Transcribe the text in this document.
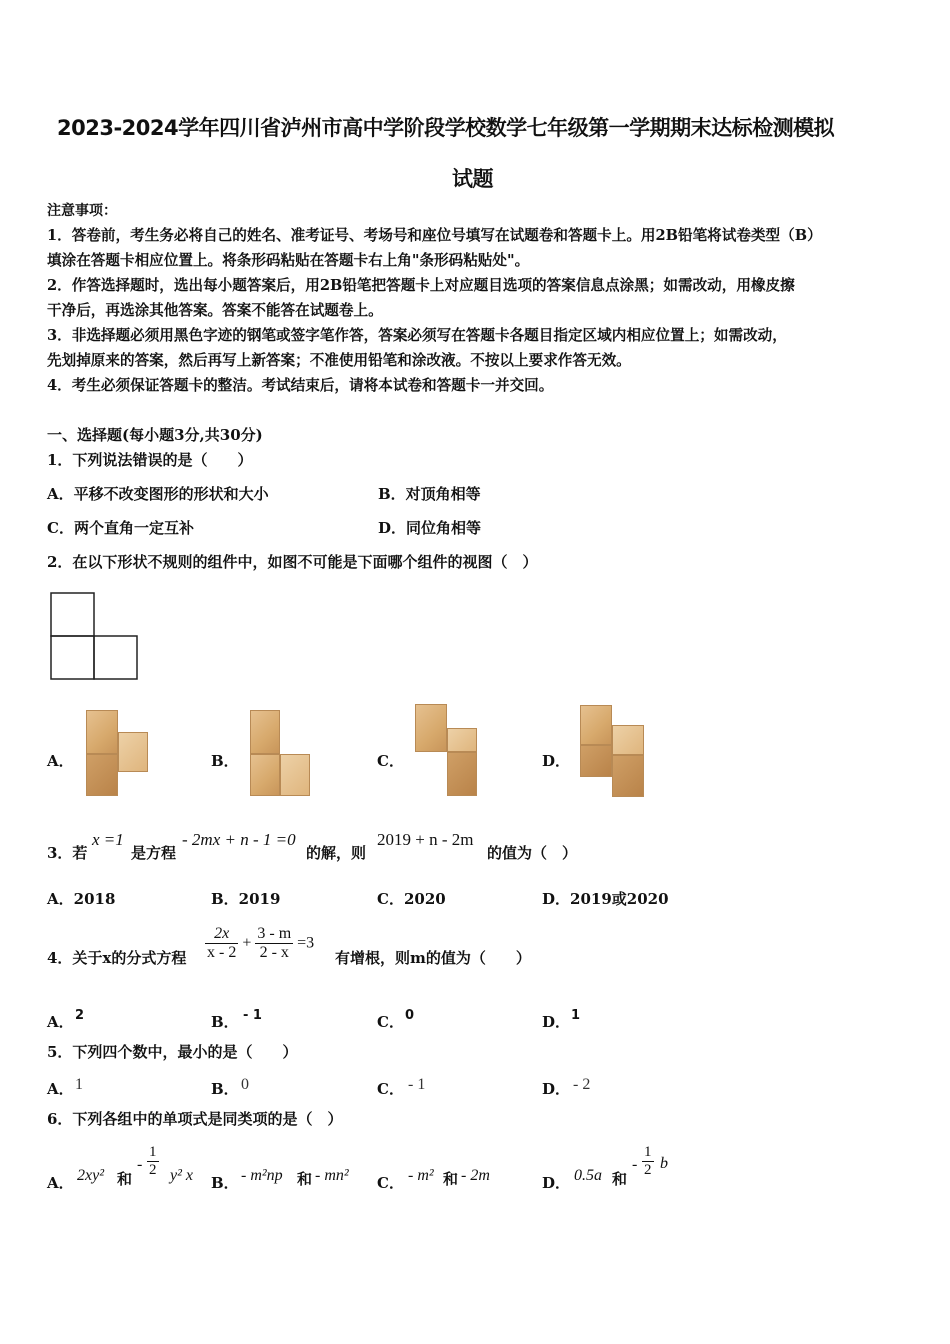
2023-2024学年四川省泸州市高中学阶段学校数学七年级第一学期期末达标检测模拟
试题
注意事项：
1．答卷前，考生务必将自己的姓名、准考证号、考场号和座位号填写在试题卷和答题卡上。用2B铅笔将试卷类型（B）
填涂在答题卡相应位置上。将条形码粘贴在答题卡右上角"条形码粘贴处"。
2．作答选择题时，选出每小题答案后，用2B铅笔把答题卡上对应题目选项的答案信息点涂黑；如需改动，用橡皮擦
干净后，再选涂其他答案。答案不能答在试题卷上。
3．非选择题必须用黑色字迹的钢笔或签字笔作答，答案必须写在答题卡各题目指定区域内相应位置上；如需改动，
先划掉原来的答案，然后再写上新答案；不准使用铅笔和涂改液。不按以上要求作答无效。
4．考生必须保证答题卡的整洁。考试结束后，请将本试卷和答题卡一并交回。
一、选择题(每小题3分,共30分)
1．下列说法错误的是（　　）
A．平移不改变图形的形状和大小	B．对顶角相等
C．两个直角一定互补	D．同位角相等
2．在以下形状不规则的组件中，如图不可能是下面哪个组件的视图（　）
A．	B．	C．	D．
3．若
x =1
是方程
- 2mx + n - 1 =0
的解，则
2019 + n - 2m
的值为（　）
A．2018	B．2019	C．2020	D．2019或2020
4．关于x的分式方程 $\frac{2x}{x - 2} + \frac{3 - m}{2 - x} =3$
有增根，则m的值为（　　）
A． 2	B． - 1	C． 0	D． 1
5．下列四个数中，最小的是（　　）
A． 1	B． 0	C． - 1	D． - 2
6．下列各组中的单项式是同类项的是（　）
A． 2xy² 和
- $\frac{1}{2} y^2$ x B． - m²np 和 - mn² C． - m² 和 - 2m	D． 0.5a 和
- $\frac{1}{2}$ b
